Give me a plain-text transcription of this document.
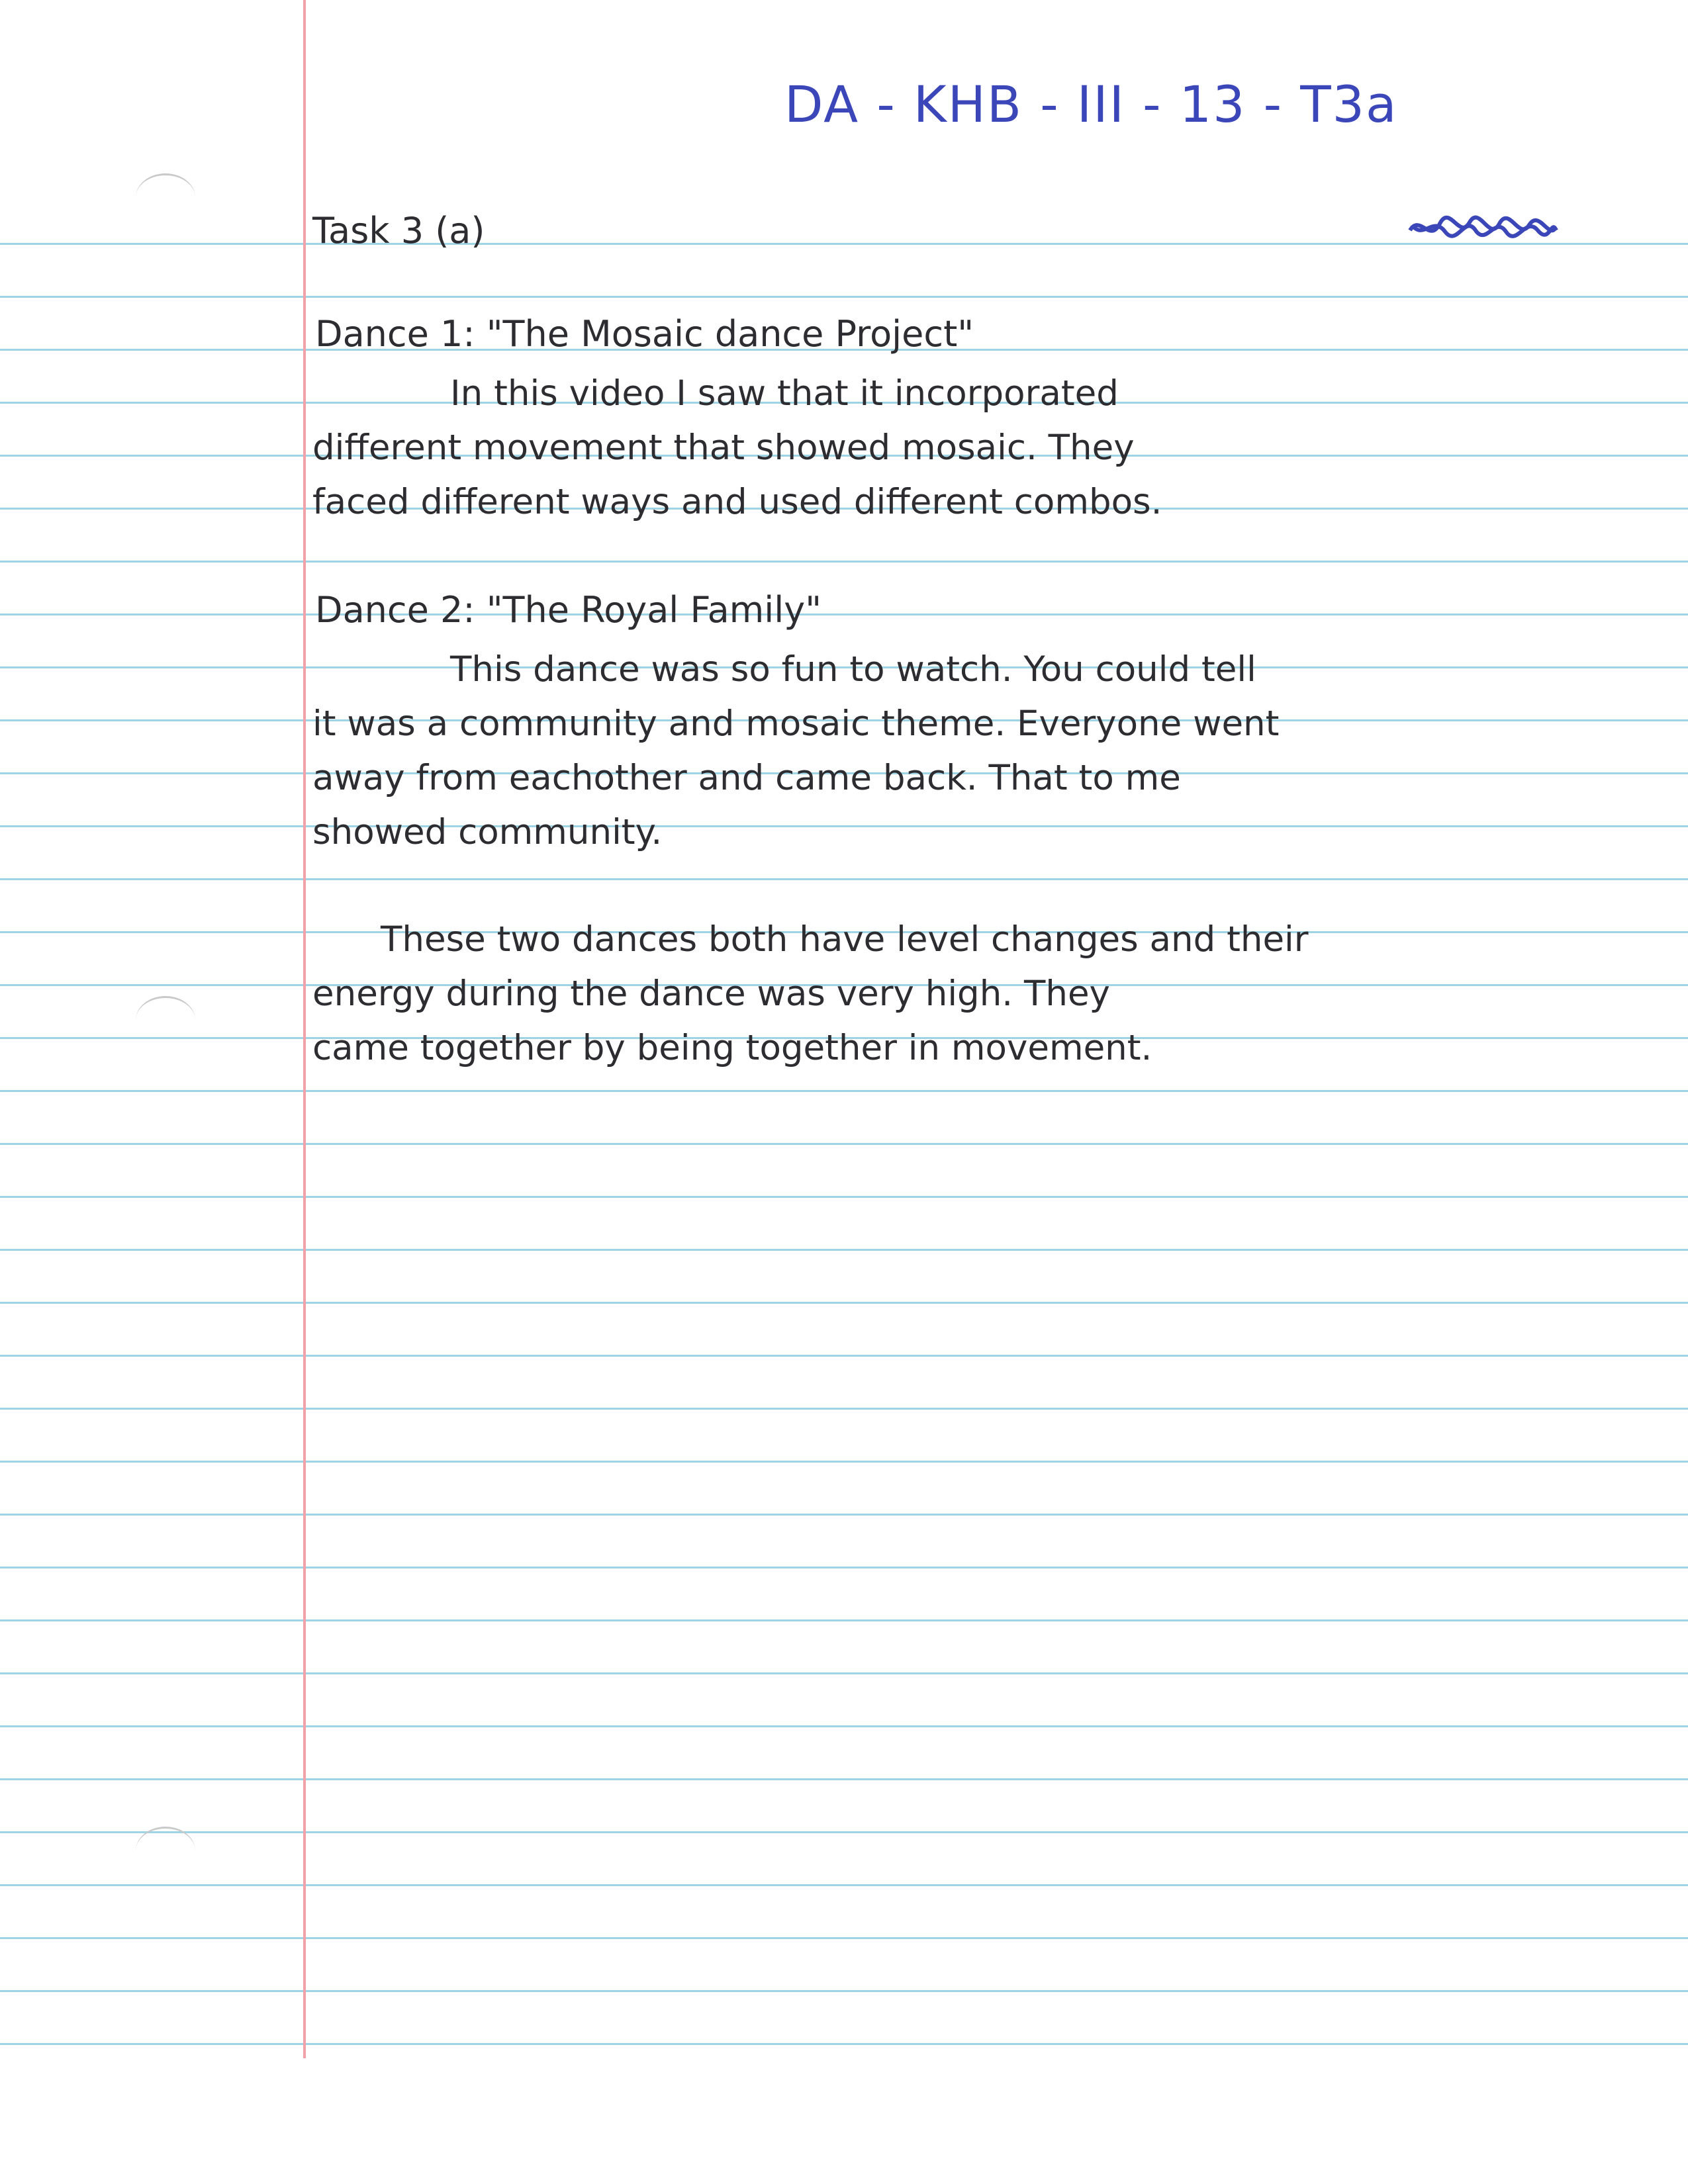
DA - KHB - III - 13 - T3a

Task 3 (a)

Dance 1: "The Mosaic dance Project"

In this video I saw that it incorporated

different movement that showed mosaic. They

faced different ways and used different combos.

Dance 2: "The Royal Family"

This dance was so fun to watch. You could tell

it was a community and mosaic theme. Everyone went

away from eachother and came back. That to me

showed community.

These two dances both have level changes and their

energy during the dance was very high. They

came together by being together in movement.
